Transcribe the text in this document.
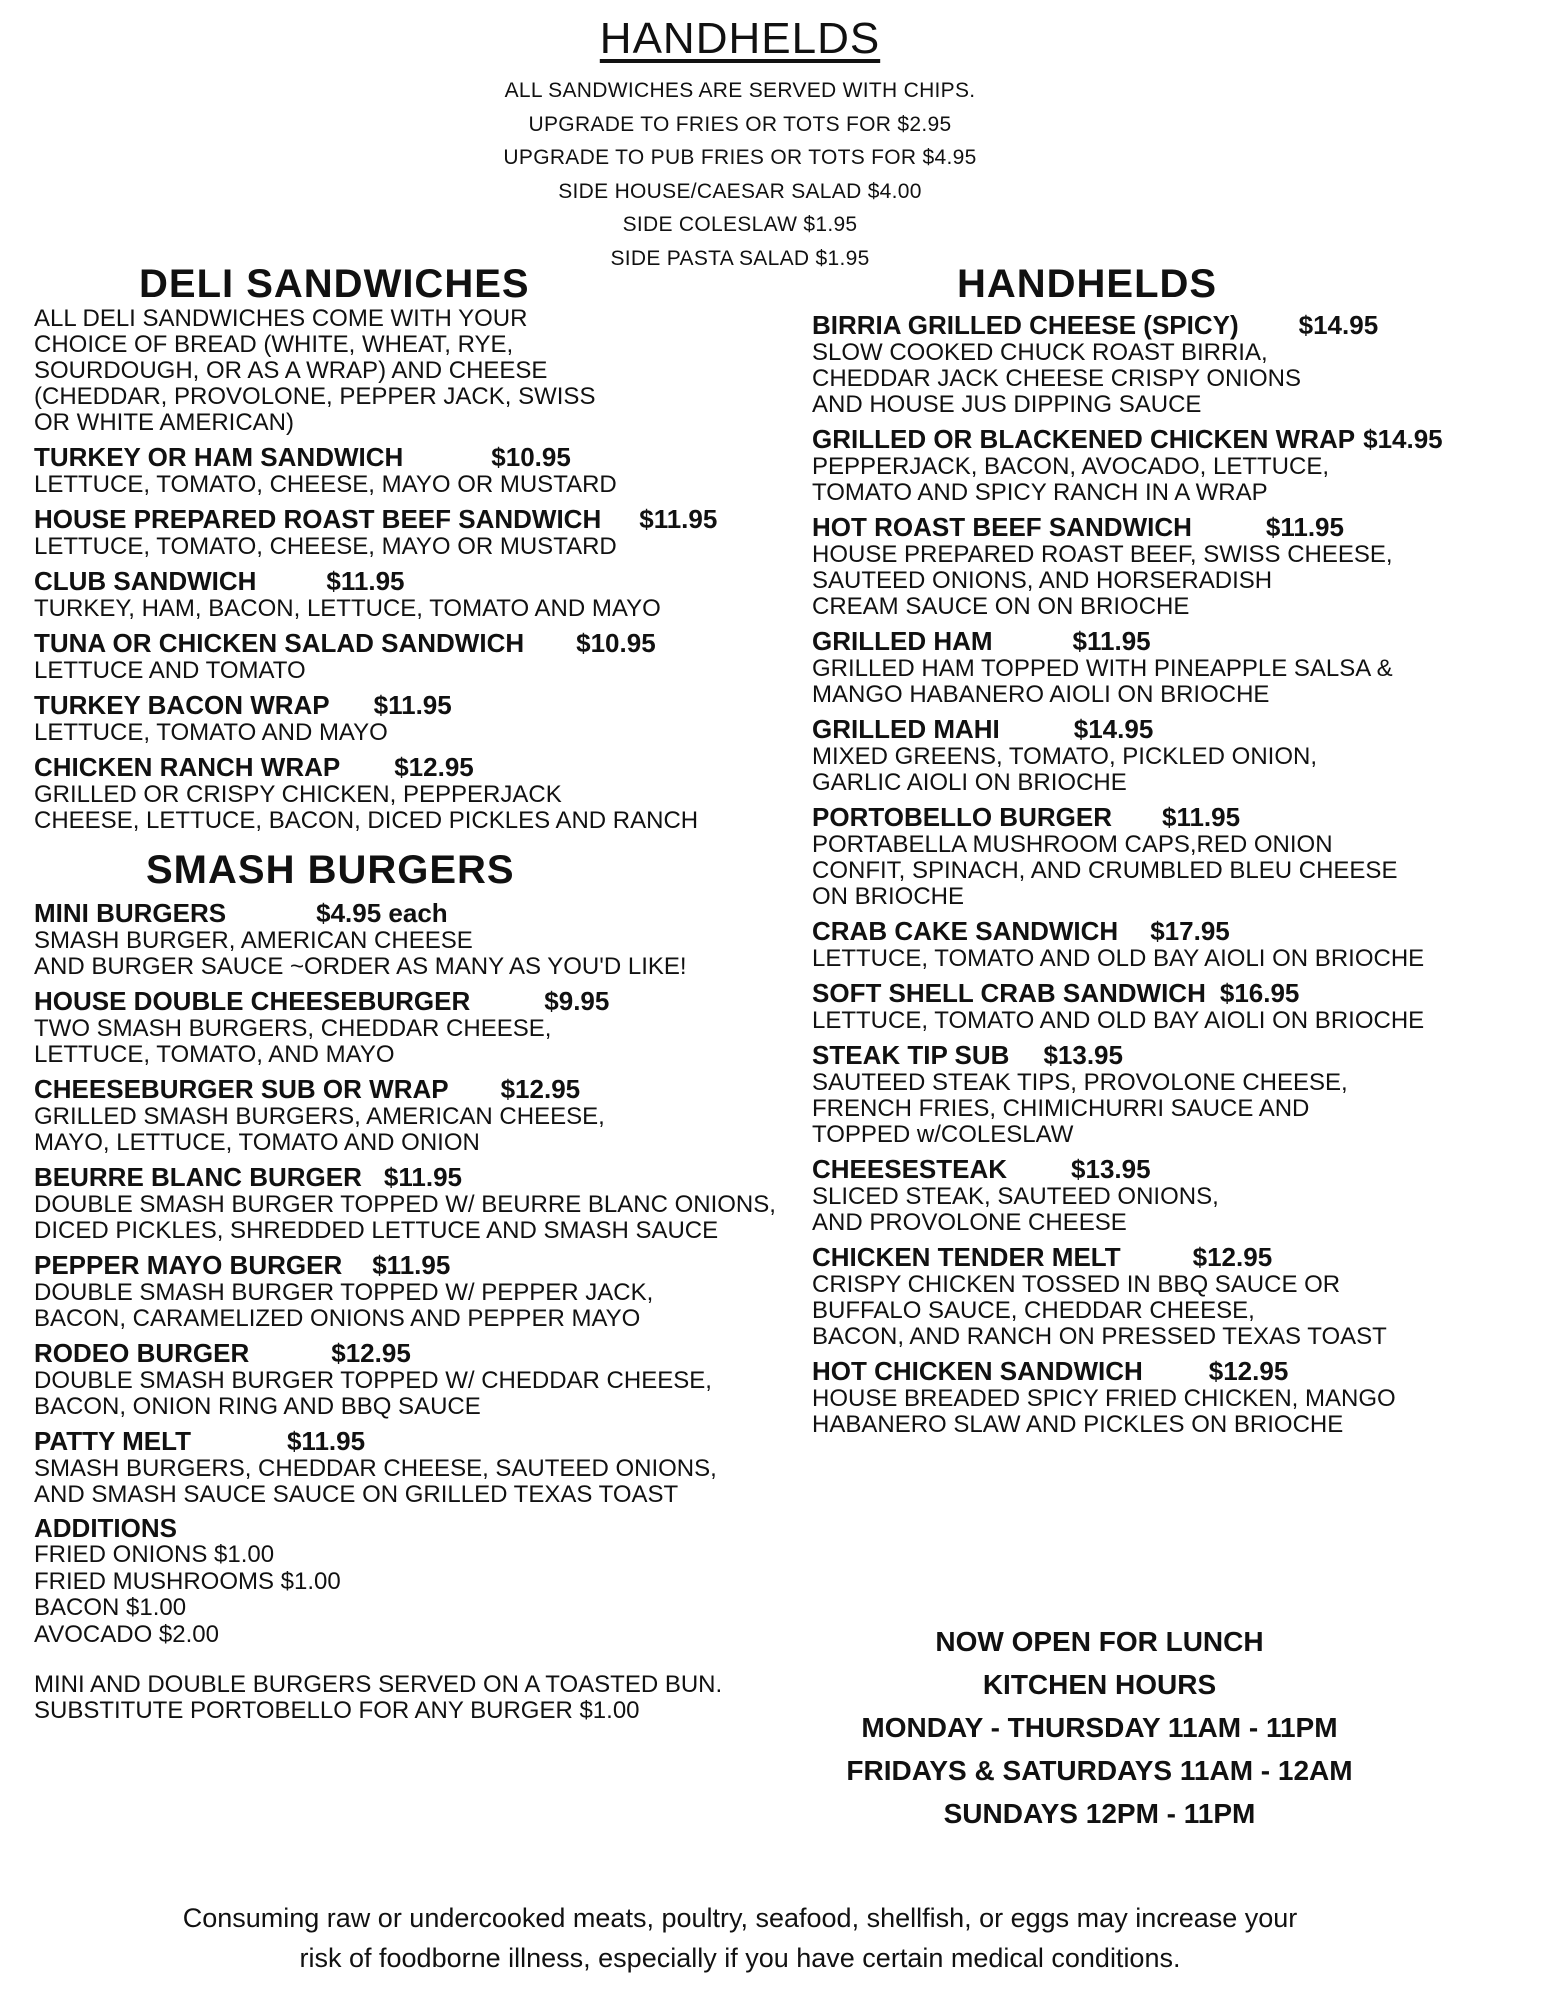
HANDHELDS
ALL SANDWICHES ARE SERVED WITH CHIPS.
UPGRADE TO FRIES OR TOTS FOR $2.95
UPGRADE TO PUB FRIES OR TOTS FOR $4.95
SIDE HOUSE/CAESAR SALAD $4.00
SIDE COLESLAW $1.95
SIDE PASTA SALAD $1.95
DELI SANDWICHES
ALL DELI SANDWICHES COME WITH YOUR
CHOICE OF BREAD (WHITE, WHEAT, RYE,
SOURDOUGH, OR AS A WRAP) AND CHEESE
(CHEDDAR, PROVOLONE, PEPPER JACK, SWISS
OR WHITE AMERICAN)
TURKEY OR HAM SANDWICH	$10.95
LETTUCE, TOMATO, CHEESE, MAYO OR MUSTARD
HOUSE PREPARED ROAST BEEF SANDWICH $11.95
LETTUCE, TOMATO, CHEESE, MAYO OR MUSTARD
CLUB SANDWICH	$11.95
TURKEY, HAM, BACON, LETTUCE, TOMATO AND MAYO
TUNA OR CHICKEN SALAD SANDWICH $10.95
LETTUCE AND TOMATO
TURKEY BACON WRAP $11.95
LETTUCE, TOMATO AND MAYO
CHICKEN RANCH WRAP $12.95
GRILLED OR CRISPY CHICKEN, PEPPERJACK
CHEESE, LETTUCE, BACON, DICED PICKLES AND RANCH
SMASH BURGERS
MINI BURGERS	$4.95 each
SMASH BURGER, AMERICAN CHEESE
AND BURGER SAUCE ~ORDER AS MANY AS YOU'D LIKE!
HOUSE DOUBLE CHEESEBURGER	$9.95
TWO SMASH BURGERS, CHEDDAR CHEESE,
LETTUCE, TOMATO, AND MAYO
CHEESEBURGER SUB OR WRAP $12.95
GRILLED SMASH BURGERS, AMERICAN CHEESE,
MAYO, LETTUCE, TOMATO AND ONION
BEURRE BLANC BURGER $11.95
DOUBLE SMASH BURGER TOPPED W/ BEURRE BLANC ONIONS,
DICED PICKLES, SHREDDED LETTUCE AND SMASH SAUCE
PEPPER MAYO BURGER $11.95
DOUBLE SMASH BURGER TOPPED W/ PEPPER JACK,
BACON, CARAMELIZED ONIONS AND PEPPER MAYO
RODEO BURGER	$12.95
DOUBLE SMASH BURGER TOPPED W/ CHEDDAR CHEESE,
BACON, ONION RING AND BBQ SAUCE
PATTY MELT	$11.95
SMASH BURGERS, CHEDDAR CHEESE, SAUTEED ONIONS,
AND SMASH SAUCE SAUCE ON GRILLED TEXAS TOAST
ADDITIONS
FRIED ONIONS $1.00
FRIED MUSHROOMS $1.00
BACON $1.00
AVOCADO $2.00
MINI AND DOUBLE BURGERS SERVED ON A TOASTED BUN.
SUBSTITUTE PORTOBELLO FOR ANY BURGER $1.00
HANDHELDS
BIRRIA GRILLED CHEESE (SPICY) $14.95
SLOW COOKED CHUCK ROAST BIRRIA,
CHEDDAR JACK CHEESE CRISPY ONIONS
AND HOUSE JUS DIPPING SAUCE
GRILLED OR BLACKENED CHICKEN WRAP $14.95
PEPPERJACK, BACON, AVOCADO, LETTUCE,
TOMATO AND SPICY RANCH IN A WRAP
HOT ROAST BEEF SANDWICH	$11.95
HOUSE PREPARED ROAST BEEF, SWISS CHEESE,
SAUTEED ONIONS, AND HORSERADISH
CREAM SAUCE ON ON BRIOCHE
GRILLED HAM	$11.95
GRILLED HAM TOPPED WITH PINEAPPLE SALSA &
MANGO HABANERO AIOLI ON BRIOCHE
GRILLED MAHI	$14.95
MIXED GREENS, TOMATO, PICKLED ONION,
GARLIC AIOLI ON BRIOCHE
PORTOBELLO BURGER $11.95
PORTABELLA MUSHROOM CAPS,RED ONION
CONFIT, SPINACH, AND CRUMBLED BLEU CHEESE
ON BRIOCHE
CRAB CAKE SANDWICH $17.95
LETTUCE, TOMATO AND OLD BAY AIOLI ON BRIOCHE
SOFT SHELL CRAB SANDWICH $16.95
LETTUCE, TOMATO AND OLD BAY AIOLI ON BRIOCHE
STEAK TIP SUB $13.95
SAUTEED STEAK TIPS, PROVOLONE CHEESE,
FRENCH FRIES, CHIMICHURRI SAUCE AND
TOPPED w/COLESLAW
CHEESESTEAK $13.95
SLICED STEAK, SAUTEED ONIONS,
AND PROVOLONE CHEESE
CHICKEN TENDER MELT	$12.95
CRISPY CHICKEN TOSSED IN BBQ SAUCE OR
BUFFALO SAUCE, CHEDDAR CHEESE,
BACON, AND RANCH ON PRESSED TEXAS TOAST
HOT CHICKEN SANDWICH	$12.95
HOUSE BREADED SPICY FRIED CHICKEN, MANGO
HABANERO SLAW AND PICKLES ON BRIOCHE
NOW OPEN FOR LUNCH
KITCHEN HOURS
MONDAY - THURSDAY 11AM - 11PM
FRIDAYS & SATURDAYS 11AM - 12AM
SUNDAYS 12PM - 11PM
Consuming raw or undercooked meats, poultry, seafood, shellfish, or eggs may increase your
risk of foodborne illness, especially if you have certain medical conditions.
